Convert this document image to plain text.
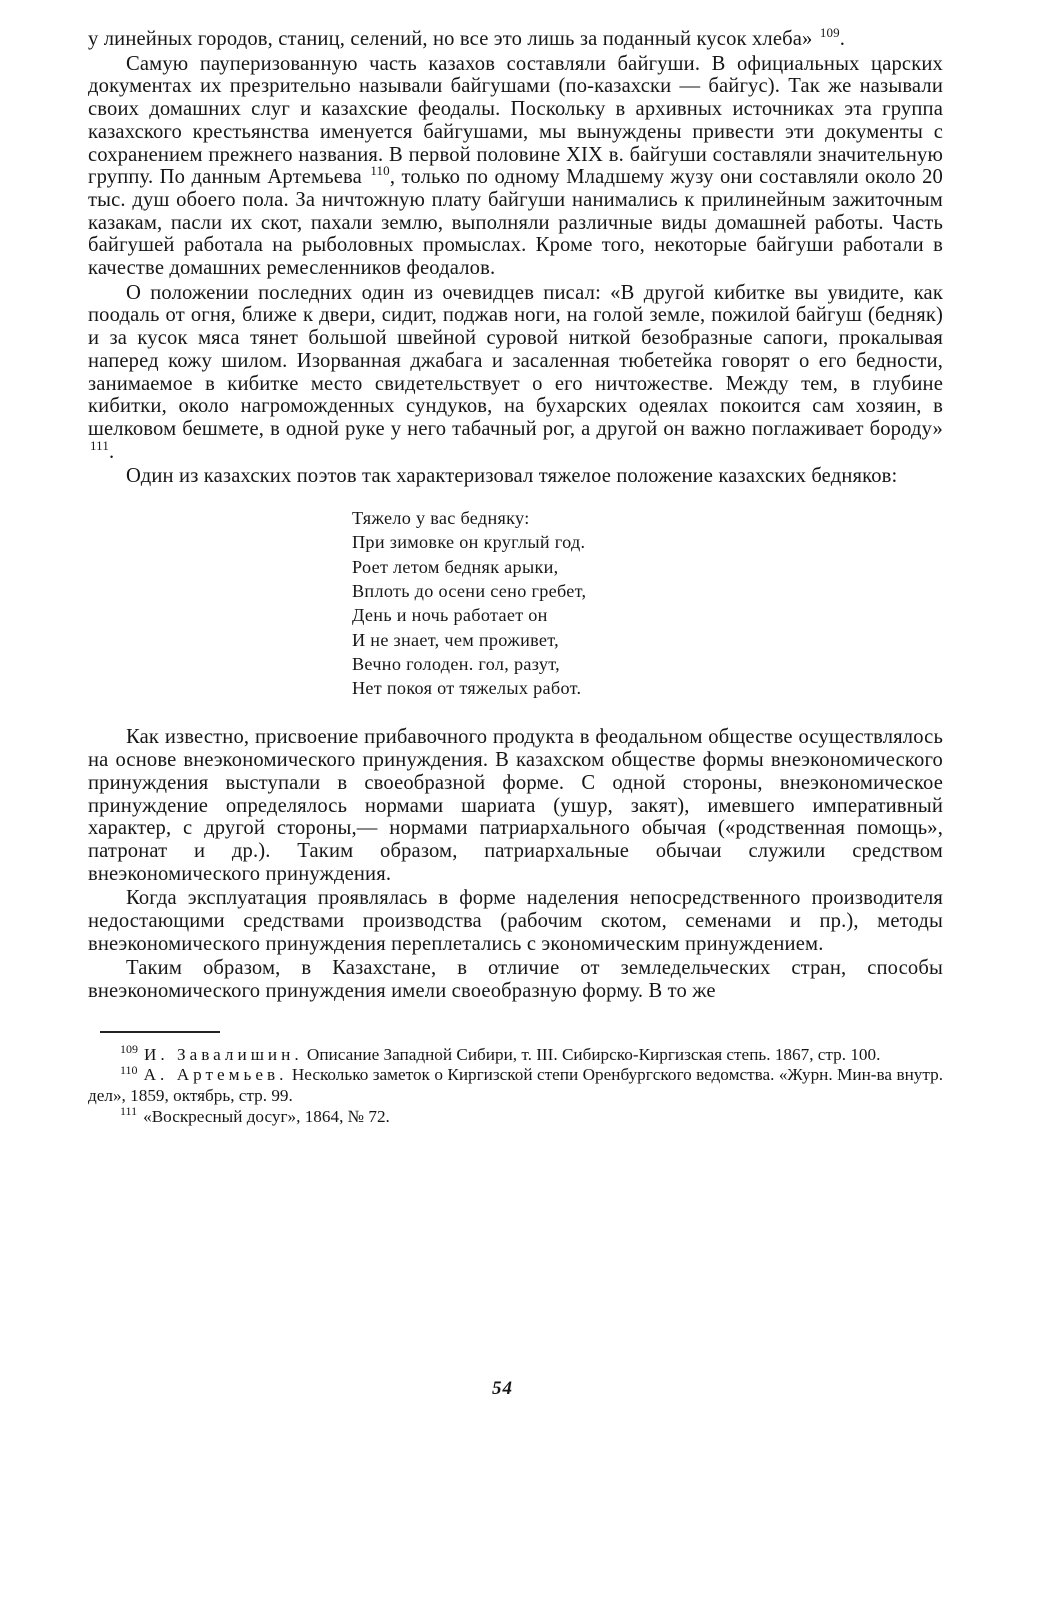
у линейных городов, станиц, селений, но все это лишь за поданный кусок хлеба» $^{109}$.

Самую пауперизованную часть казахов составляли байгуши. В официальных царских документах их презрительно называли байгушами (по-казахски — байгус). Так же называли своих домашних слуг и казахские феодалы. Поскольку в архивных источниках эта группа казахского крестьянства именуется байгушами, мы вынуждены привести эти документы с сохранением прежнего названия. В первой половине XIX в. байгуши составляли значительную группу. По данным Артемьева $^{110}$, только по одному Младшему жузу они составляли около 20 тыс. душ обоего пола. За ничтожную плату байгуши нанимались к прилинейным зажиточным казакам, пасли их скот, пахали землю, выполняли различные виды домашней работы. Часть байгушей работала на рыболовных промыслах. Кроме того, некоторые байгуши работали в качестве домашних ремесленников феодалов.

О положении последних один из очевидцев писал: «В другой кибитке вы увидите, как поодаль от огня, ближе к двери, сидит, поджав ноги, на голой земле, пожилой байгуш (бедняк) и за кусок мяса тянет большой швейной суровой ниткой безобразные сапоги, прокалывая наперед кожу шилом. Изорванная джабага и засаленная тюбетейка говорят о его бедности, занимаемое в кибитке место свидетельствует о его ничтожестве. Между тем, в глубине кибитки, около нагроможденных сундуков, на бухарских одеялах покоится сам хозяин, в шелковом бешмете, в одной руке у него табачный рог, а другой он важно поглаживает бороду» $^{111}$.

Один из казахских поэтов так характеризовал тяжелое положение казахских бедняков:

Тяжело у вас бедняку:
При зимовке он круглый год.
Роет летом бедняк арыки,
Вплоть до осени сено гребет,
День и ночь работает он
И не знает, чем проживет,
Вечно голоден. гол, разут,
Нет покоя от тяжелых работ.

Как известно, присвоение прибавочного продукта в феодальном обществе осуществлялось на основе внеэкономического принуждения. В казахском обществе формы внеэкономического принуждения выступали в своеобразной форме. С одной стороны, внеэкономическое принуждение определялось нормами шариата (ушур, закят), имевшего императивный характер, с другой стороны,— нормами патриархального обычая («родственная помощь», патронат и др.). Таким образом, патриархальные обычаи служили средством внеэкономического принуждения.

Когда эксплуатация проявлялась в форме наделения непосредственного производителя недостающими средствами производства (рабочим скотом, семенами и пр.), методы внеэкономического принуждения переплетались с экономическим принуждением.

Таким образом, в Казахстане, в отличие от земледельческих стран, способы внеэкономического принуждения имели своеобразную форму. В то же

$^{109}$ И. Завалишин. Описание Западной Сибири, т. III. Сибирско-Киргизская степь. 1867, стр. 100.

$^{110}$ А. Артемьев. Несколько заметок о Киргизской степи Оренбургского ведомства. «Журн. Мин-ва внутр. дел», 1859, октябрь, стр. 99.

$^{111}$ «Воскресный досуг», 1864, № 72.

54
